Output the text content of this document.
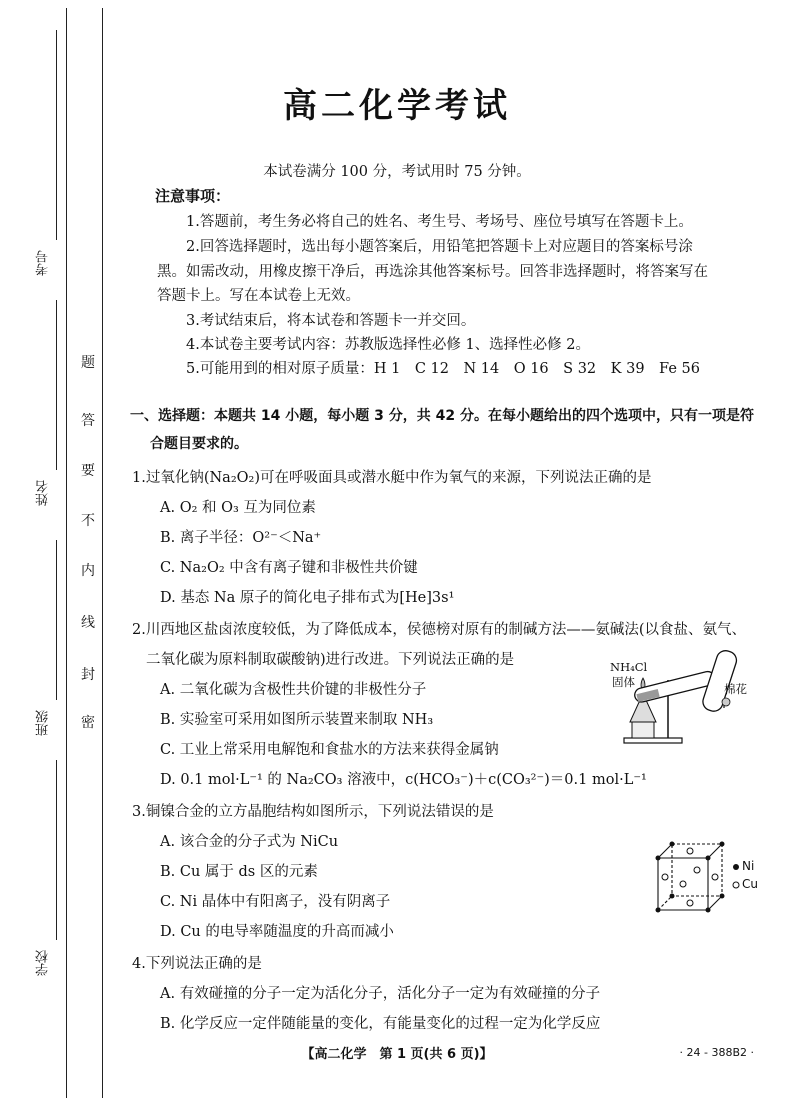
考号
姓名
班级
学校
题
答
要
不
内
线
封
密
高二化学考试
本试卷满分 100 分，考试用时 75 分钟。
注意事项：
1.答题前，考生务必将自己的姓名、考生号、考场号、座位号填写在答题卡上。
2.回答选择题时，选出每小题答案后，用铅笔把答题卡上对应题目的答案标号涂
黑。如需改动，用橡皮擦干净后，再选涂其他答案标号。回答非选择题时，将答案写在
答题卡上。写在本试卷上无效。
3.考试结束后，将本试卷和答题卡一并交回。
4.本试卷主要考试内容：苏教版选择性必修 1、选择性必修 2。
5.可能用到的相对原子质量：H 1　C 12　N 14　O 16　S 32　K 39　Fe 56
一、选择题：本题共 14 小题，每小题 3 分，共 42 分。在每小题给出的四个选项中，只有一项是符
合题目要求的。
1.过氧化钠(Na₂O₂)可在呼吸面具或潜水艇中作为氧气的来源，下列说法正确的是
A. O₂ 和 O₃ 互为同位素
B. 离子半径：O²⁻＜Na⁺
C. Na₂O₂ 中含有离子键和非极性共价键
D. 基态 Na 原子的简化电子排布式为[He]3s¹
2.川西地区盐卤浓度较低，为了降低成本，侯德榜对原有的制碱方法——氨碱法(以食盐、氨气、
二氧化碳为原料制取碳酸钠)进行改进。下列说法正确的是
A. 二氧化碳为含极性共价键的非极性分子
B. 实验室可采用如图所示装置来制取 NH₃
C. 工业上常采用电解饱和食盐水的方法来获得金属钠
D. 0.1 mol·L⁻¹ 的 Na₂CO₃ 溶液中，c(HCO₃⁻)＋c(CO₃²⁻)＝0.1 mol·L⁻¹
NH₄Cl
固体	棉花
3.铜镍合金的立方晶胞结构如图所示，下列说法错误的是
A. 该合金的分子式为 NiCu
B. Cu 属于 ds 区的元素
C. Ni 晶体中有阳离子，没有阴离子
D. Cu 的电导率随温度的升高而减小
Ni
Cu
4.下列说法正确的是
A. 有效碰撞的分子一定为活化分子，活化分子一定为有效碰撞的分子
B. 化学反应一定伴随能量的变化，有能量变化的过程一定为化学反应
【高二化学　第 1 页(共 6 页)】	· 24 - 388B2 ·
